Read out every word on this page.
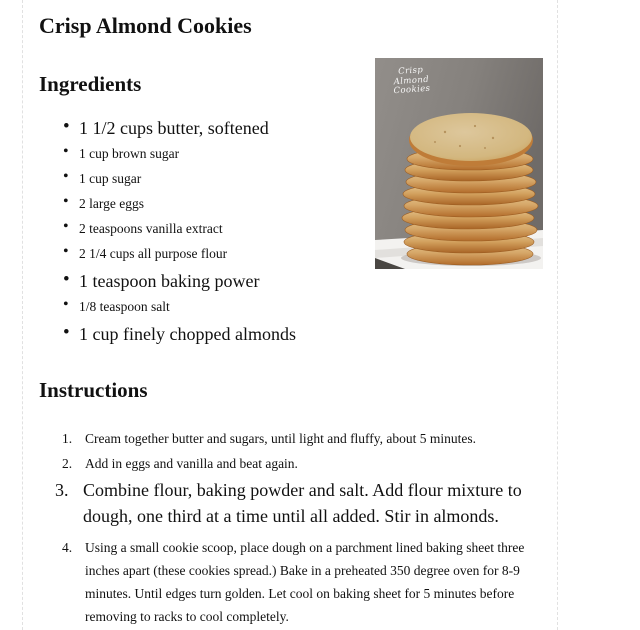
Crisp Almond Cookies
Ingredients
• 1 1/2 cups butter, softened
• 1 cup brown sugar
• 1 cup sugar
• 2 large eggs
• 2 teaspoons vanilla extract
• 2 1/4 cups all purpose flour
• 1 teaspoon baking power
• 1/8 teaspoon salt
• 1 cup finely chopped almonds
Instructions
Cream together butter and sugars, until light and fluffy, about 5 minutes.
Add in eggs and vanilla and beat again.
Combine flour, baking powder and salt. Add flour mixture to dough, one third at a time until all added. Stir in almonds.
Using a small cookie scoop, place dough on a parchment lined baking sheet three inches apart (these cookies spread.) Bake in a preheated 350 degree oven for 8-9 minutes. Until edges turn golden. Let cool on baking sheet for 5 minutes before removing to racks to cool completely.
Crisp
Almond
Cookies
